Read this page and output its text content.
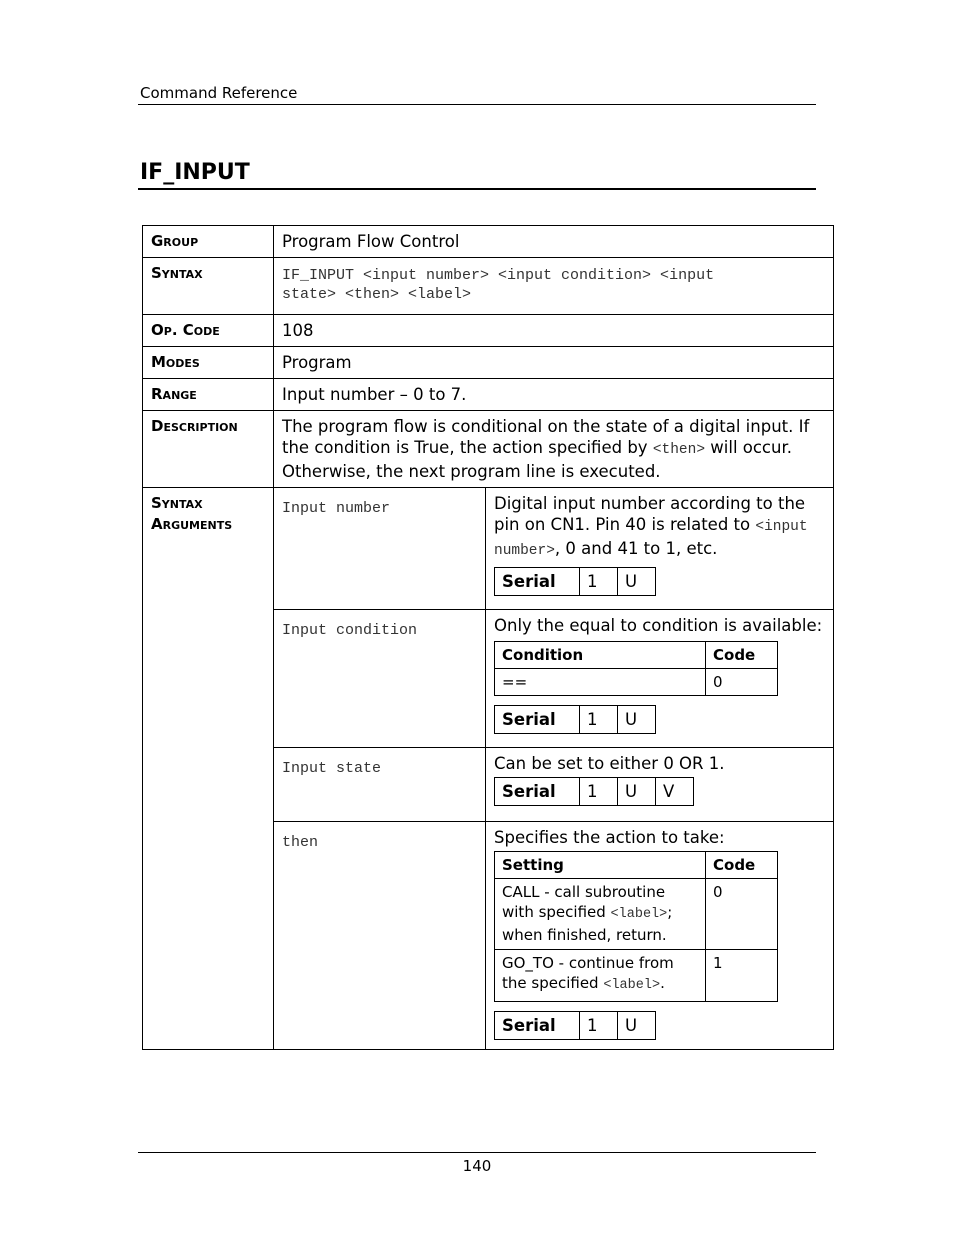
Command Reference
IF_INPUT
Group	Program Flow Control
Syntax	IF_INPUT <input number> <input condition> <input
state> <then> <label>

Op. Code	108
Modes	Program
Range	Input number – 0 to 7.
Description	The program flow is conditional on the state of a digital input. If the condition is True, the action specified by <then> will occur. Otherwise, the next program line is executed.

Syntax
Arguments
	Input number	Digital input number according to the pin on CN1. Pin 40 is related to <input number>, 0 and 41 to 1, etc.
Serial	1	U

Input condition	Only the equal to condition is available:
Condition	Code
==	0
Serial	1	U

Input state	Can be set to either 0 OR 1.
Serial	1	U	V

then	Specifies the action to take:
Setting	Code
CALL - call subroutine with specified <label>; when finished, return.	0
GO_TO - continue from the specified <label>.	1
Serial	1	U
140
